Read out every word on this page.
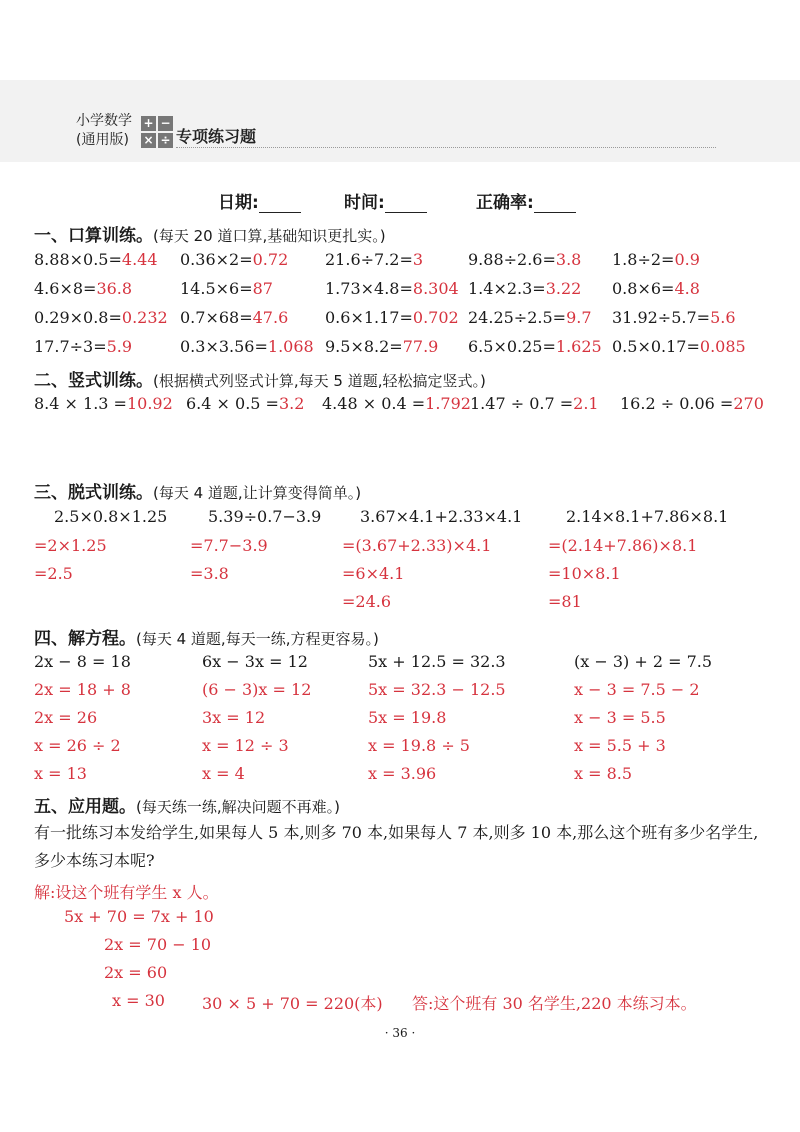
小学数学
(通用版)
+ −
× ÷ 专项练习题
日期:	时间:	正确率:
一、口算训练。(每天 20 道口算,基础知识更扎实。)
8.88×0.5=4.44 0.36×2=0.72 21.6÷7.2=3	9.88÷2.6=3.8 1.8÷2=0.9
4.6×8=36.8	14.5×6=87	1.73×4.8=8.304 1.4×2.3=3.22 0.8×6=4.8
0.29×0.8=0.232 0.7×68=47.6 0.6×1.17=0.702 24.25÷2.5=9.7 31.92÷5.7=5.6
17.7÷3=5.9	0.3×3.56=1.068 9.5×8.2=77.9 6.5×0.25=1.625 0.5×0.17=0.085
二、竖式训练。(根据横式列竖式计算,每天 5 道题,轻松搞定竖式。)
8.4 × 1.3 =10.92 6.4 × 0.5 =3.2 4.48 × 0.4 =1.792 1.47 ÷ 0.7 =2.1 16.2 ÷ 0.06 =270
三、脱式训练。(每天 4 道题,让计算变得简单。)
2.5×0.8×1.25
=2×1.25
=2.5
5.39÷0.7−3.9
=7.7−3.9
=3.8
3.67×4.1+2.33×4.1
=(3.67+2.33)×4.1
=6×4.1
=24.6
2.14×8.1+7.86×8.1
=(2.14+7.86)×8.1
=10×8.1
=81
四、解方程。(每天 4 道题,每天一练,方程更容易。)
2x − 8 = 18
2x = 18 + 8
2x = 26
x = 26 ÷ 2
x = 13
6x − 3x = 12
(6 − 3)x = 12
3x = 12
x = 12 ÷ 3
x = 4
5x + 12.5 = 32.3
5x = 32.3 − 12.5
5x = 19.8
x = 19.8 ÷ 5
x = 3.96
(x − 3) + 2 = 7.5
x − 3 = 7.5 − 2
x − 3 = 5.5
x = 5.5 + 3
x = 8.5
五、应用题。(每天练一练,解决问题不再难。)
有一批练习本发给学生,如果每人 5 本,则多 70 本,如果每人 7 本,则多 10 本,那么这个班有多少名学生,多少本练习本呢?
解:设这个班有学生 x 人。
5x + 70 = 7x + 10
2x = 70 − 10
2x = 60
x = 30 30 × 5 + 70 = 220(本) 答:这个班有 30 名学生,220 本练习本。
· 36 ·
